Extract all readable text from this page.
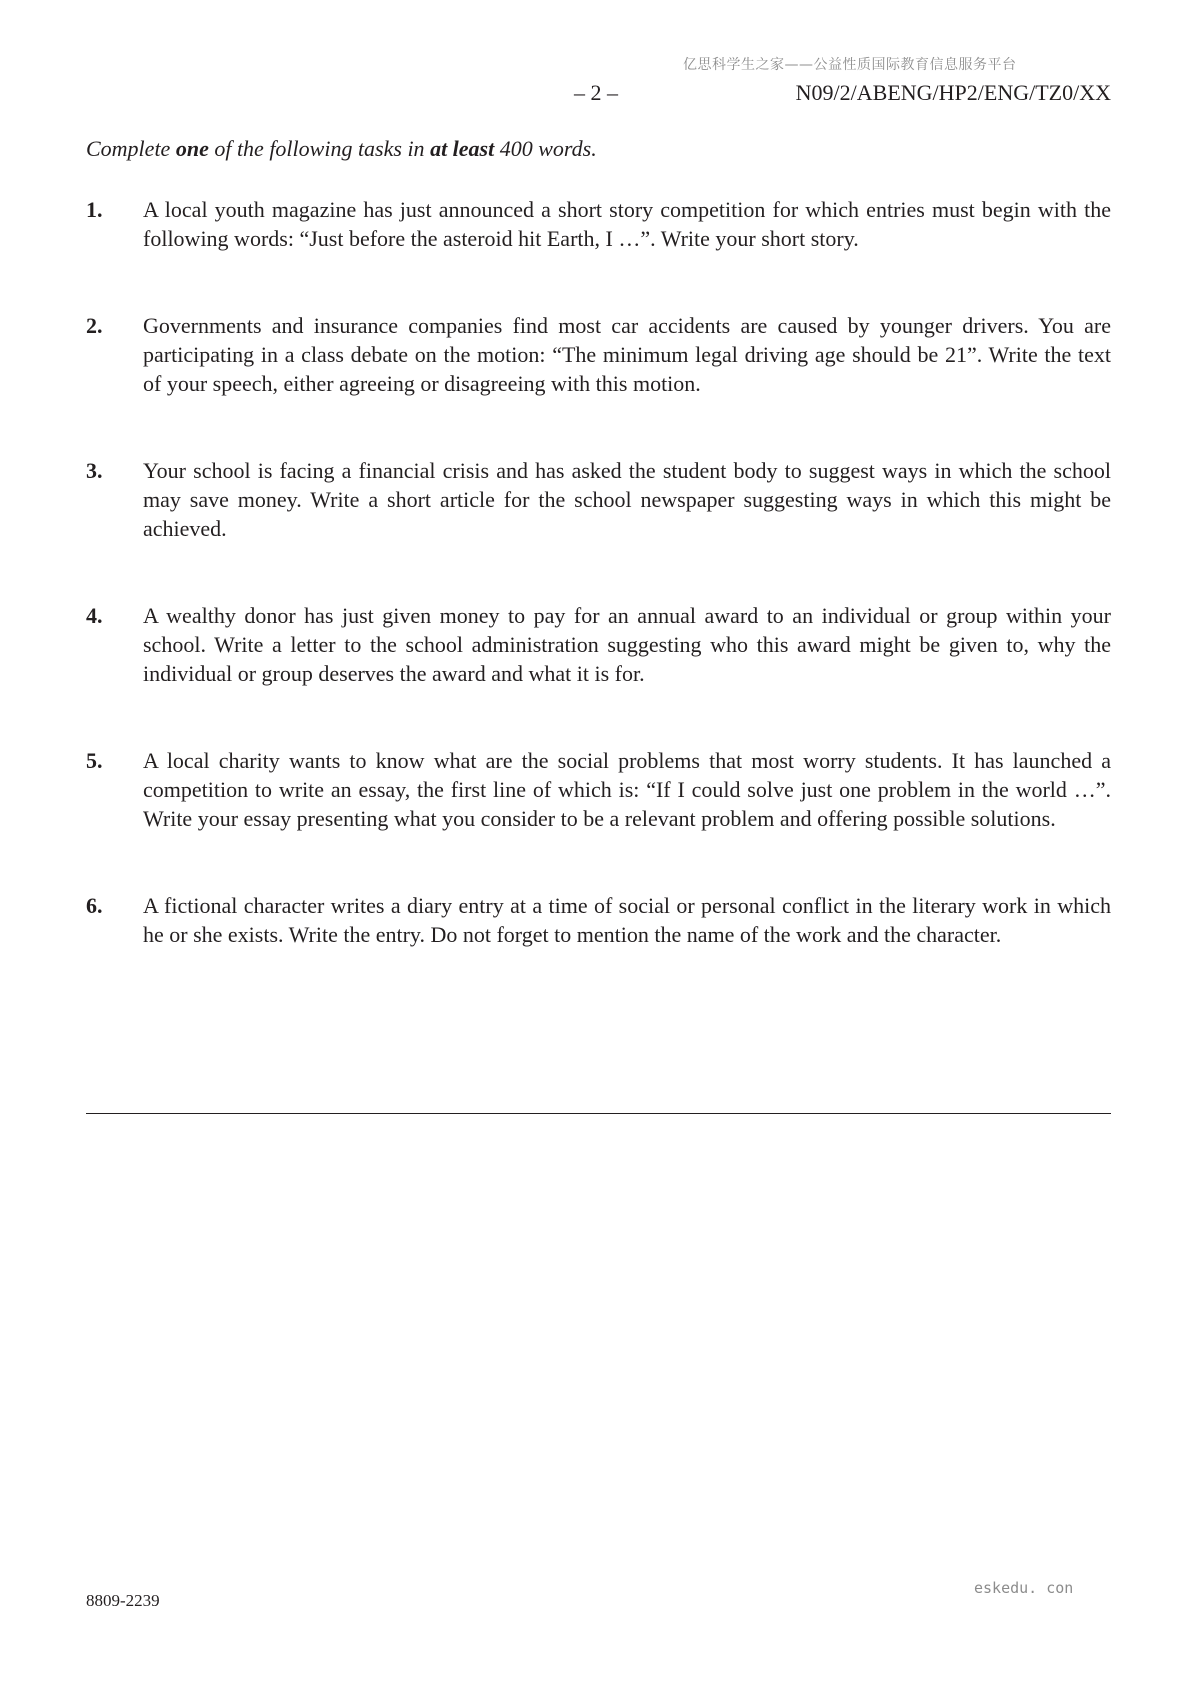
亿思科学生之家——公益性质国际教育信息服务平台
– 2 –	N09/2/ABENG/HP2/ENG/TZ0/XX
Complete one of the following tasks in at least 400 words.
1.	A local youth magazine has just announced a short story competition for which entries must begin with the following words: “Just before the asteroid hit Earth, I …”. Write your short story.
2.	Governments and insurance companies find most car accidents are caused by younger drivers. You are participating in a class debate on the motion: “The minimum legal driving age should be 21”. Write the text of your speech, either agreeing or disagreeing with this motion.
3.	Your school is facing a financial crisis and has asked the student body to suggest ways in which the school may save money. Write a short article for the school newspaper suggesting ways in which this might be achieved.
4.	A wealthy donor has just given money to pay for an annual award to an individual or group within your school. Write a letter to the school administration suggesting who this award might be given to, why the individual or group deserves the award and what it is for.
5.	A local charity wants to know what are the social problems that most worry students. It has launched a competition to write an essay, the first line of which is: “If I could solve just one problem in the world …”. Write your essay presenting what you consider to be a relevant problem and offering possible solutions.
6.	A fictional character writes a diary entry at a time of social or personal conflict in the literary work in which he or she exists. Write the entry. Do not forget to mention the name of the work and the character.
8809-2239
eskedu. con
